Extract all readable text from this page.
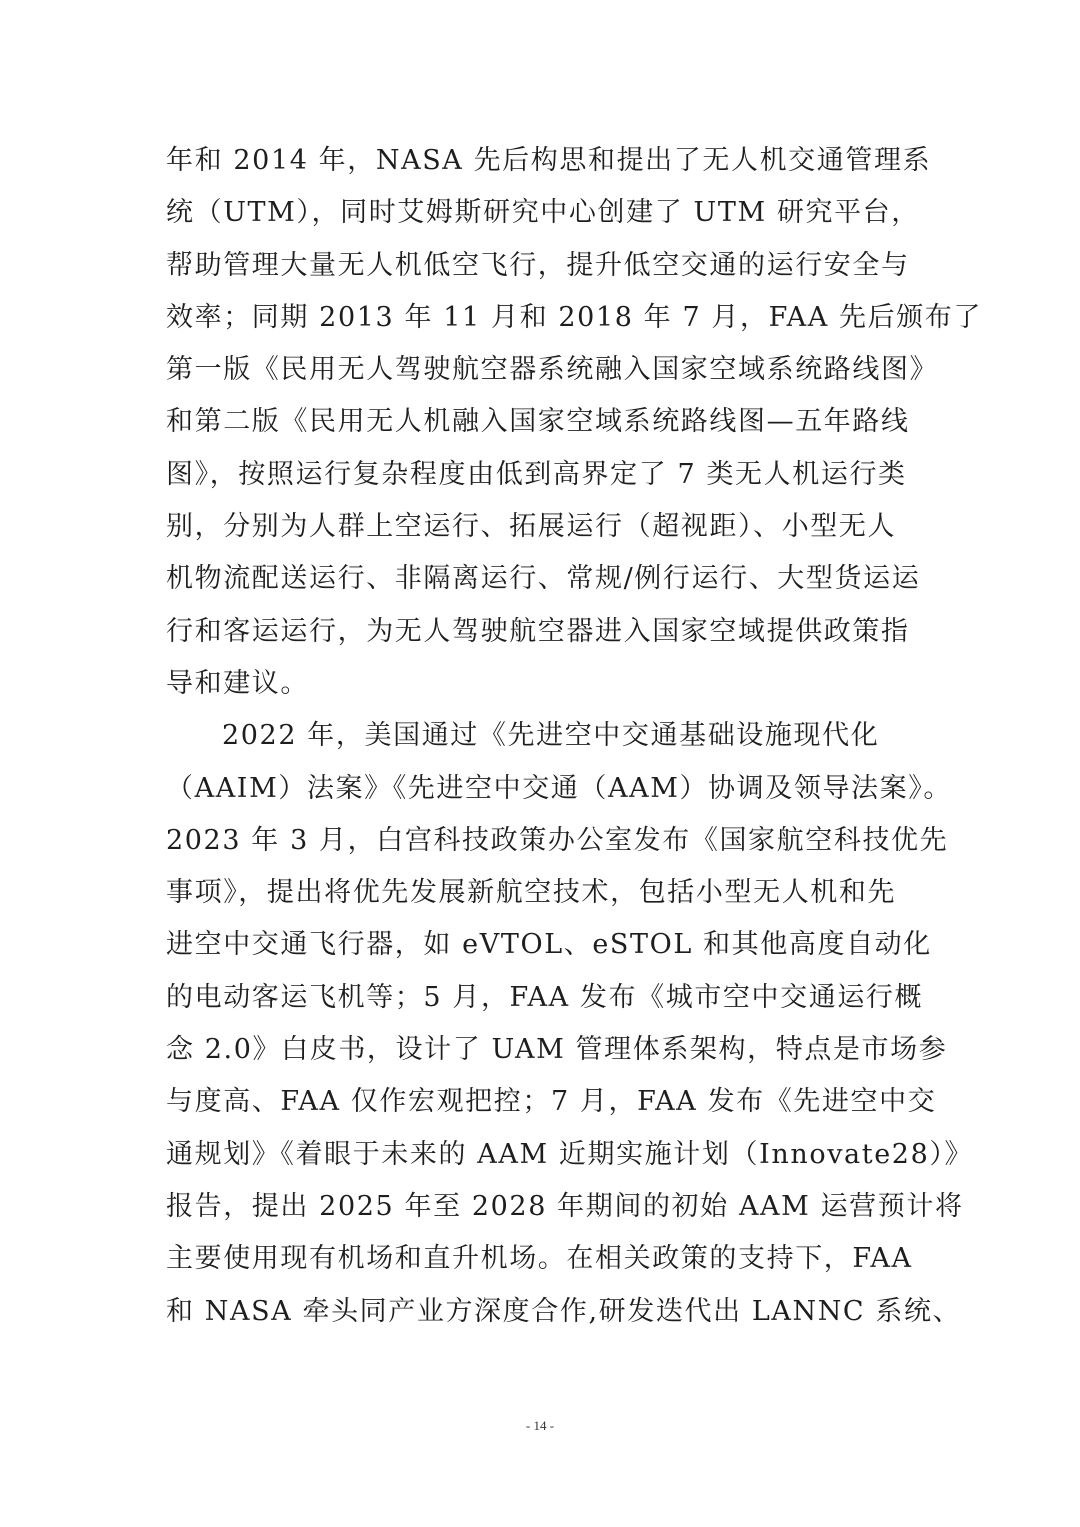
年和 2014 年，NASA 先后构思和提出了无人机交通管理系
统（UTM），同时艾姆斯研究中心创建了 UTM 研究平台，
帮助管理大量无人机低空飞行，提升低空交通的运行安全与
效率；同期 2013 年 11 月和 2018 年 7 月，FAA 先后颁布了
第一版《民用无人驾驶航空器系统融入国家空域系统路线图》
和第二版《民用无人机融入国家空域系统路线图—五年路线
图》，按照运行复杂程度由低到高界定了 7 类无人机运行类
别，分别为人群上空运行、拓展运行（超视距）、小型无人
机物流配送运行、非隔离运行、常规/例行运行、大型货运运
行和客运运行，为无人驾驶航空器进入国家空域提供政策指
导和建议。
2022 年，美国通过《先进空中交通基础设施现代化
（AAIM）法案》《先进空中交通（AAM）协调及领导法案》。
2023 年 3 月，白宫科技政策办公室发布《国家航空科技优先
事项》，提出将优先发展新航空技术，包括小型无人机和先
进空中交通飞行器，如 eVTOL、eSTOL 和其他高度自动化
的电动客运飞机等；5 月，FAA 发布《城市空中交通运行概
念 2.0》白皮书，设计了 UAM 管理体系架构，特点是市场参
与度高、FAA 仅作宏观把控；7 月，FAA 发布《先进空中交
通规划》《着眼于未来的 AAM 近期实施计划（Innovate28）》
报告，提出 2025 年至 2028 年期间的初始 AAM 运营预计将
主要使用现有机场和直升机场。在相关政策的支持下，FAA
和 NASA 牵头同产业方深度合作,研发迭代出 LANNC 系统、
- 14 -
